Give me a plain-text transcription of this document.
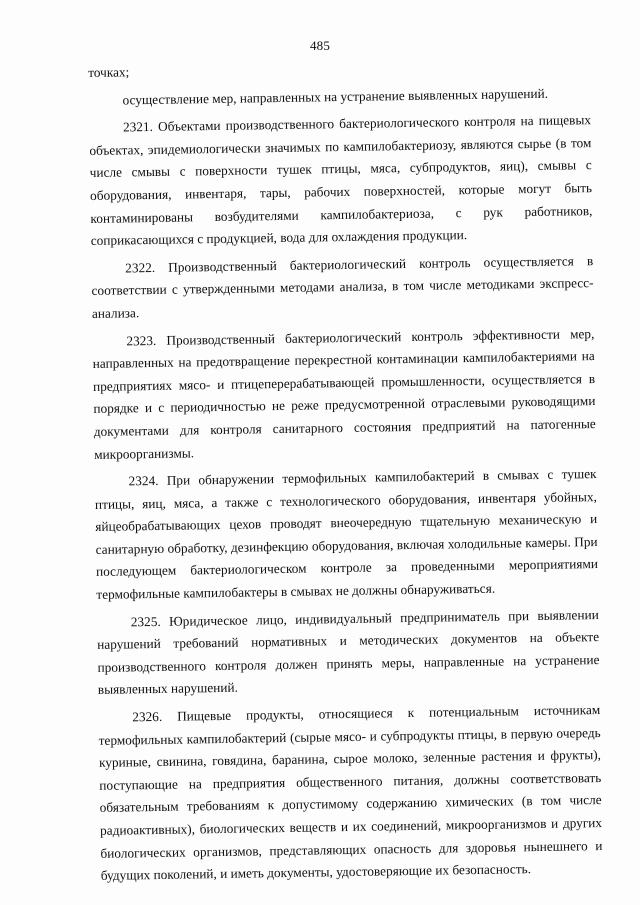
485

точках;

осуществление мер, направленных на устранение выявленных нарушений.

2321. Объектами производственного бактериологического контроля на пищевых объектах, эпидемиологически значимых по кампилобактериозу, являются сырье (в том числе смывы с поверхности тушек птицы, мяса, субпродуктов, яиц), смывы с оборудования, инвентаря, тары, рабочих поверхностей, которые могут быть контаминированы возбудителями кампилобактериоза, с рук работников, соприкасающихся с продукцией, вода для охлаждения продукции.

2322. Производственный бактериологический контроль осуществляется в соответствии с утвержденными методами анализа, в том числе методиками экспресс-анализа.

2323. Производственный бактериологический контроль эффективности мер, направленных на предотвращение перекрестной контаминации кампилобактериями на предприятиях мясо- и птицеперерабатывающей промышленности, осуществляется в порядке и с периодичностью не реже предусмотренной отраслевыми руководящими документами для контроля санитарного состояния предприятий на патогенные микроорганизмы.

2324. При обнаружении термофильных кампилобактерий в смывах с тушек птицы, яиц, мяса, а также с технологического оборудования, инвентаря убойных, яйцеобрабатывающих цехов проводят внеочередную тщательную механическую и санитарную обработку, дезинфекцию оборудования, включая холодильные камеры. При последующем бактериологическом контроле за проведенными мероприятиями термофильные кампилобактеры в смывах не должны обнаруживаться.

2325. Юридическое лицо, индивидуальный предприниматель при выявлении нарушений требований нормативных и методических документов на объекте производственного контроля должен принять меры, направленные на устранение выявленных нарушений.

2326. Пищевые продукты, относящиеся к потенциальным источникам термофильных кампилобактерий (сырые мясо- и субпродукты птицы, в первую очередь куриные, свинина, говядина, баранина, сырое молоко, зеленные растения и фрукты), поступающие на предприятия общественного питания, должны соответствовать обязательным требованиям к допустимому содержанию химических (в том числе радиоактивных), биологических веществ и их соединений, микроорганизмов и других биологических организмов, представляющих опасность для здоровья нынешнего и будущих поколений, и иметь документы, удостоверяющие их безопасность.
